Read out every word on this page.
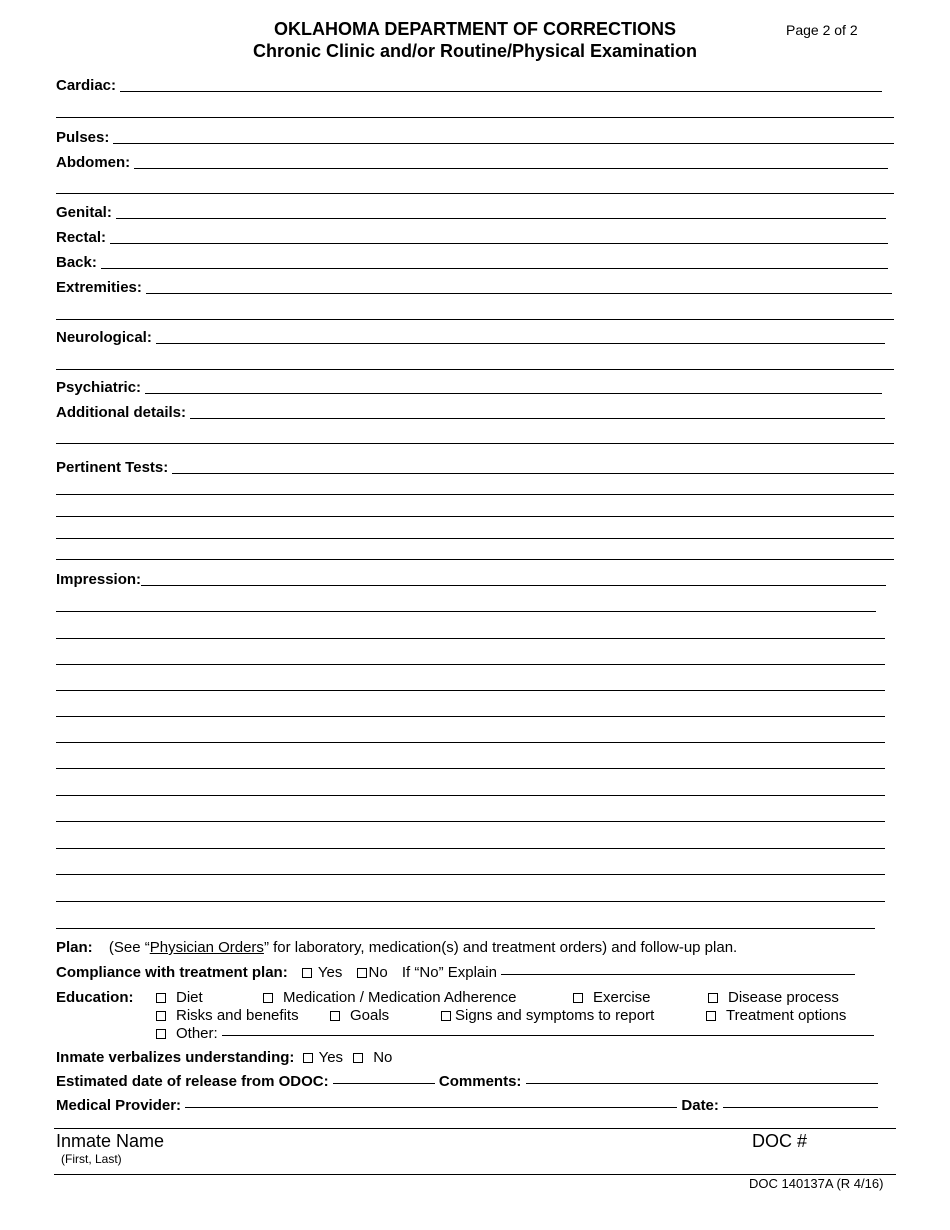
OKLAHOMA DEPARTMENT OF CORRECTIONS
Chronic Clinic and/or Routine/Physical Examination
Page 2 of 2
Cardiac:
Pulses:
Abdomen:
Genital:
Rectal:
Back:
Extremities:
Neurological:
Psychiatric:
Additional details:
Pertinent Tests:
Impression:
Plan: (See “Physician Orders” for laboratory, medication(s) and treatment orders) and follow-up plan.
Compliance with treatment plan: Yes No If “No” Explain
Education:	Diet	Medication / Medication Adherence	Exercise	Disease process
Risks and benefits	Goals	Signs and symptoms to report	Treatment options
Other:
Inmate verbalizes understanding: Yes No
Estimated date of release from ODOC:	Comments:
Medical Provider:	Date:
Inmate Name
(First, Last)
DOC #
DOC 140137A (R 4/16)
